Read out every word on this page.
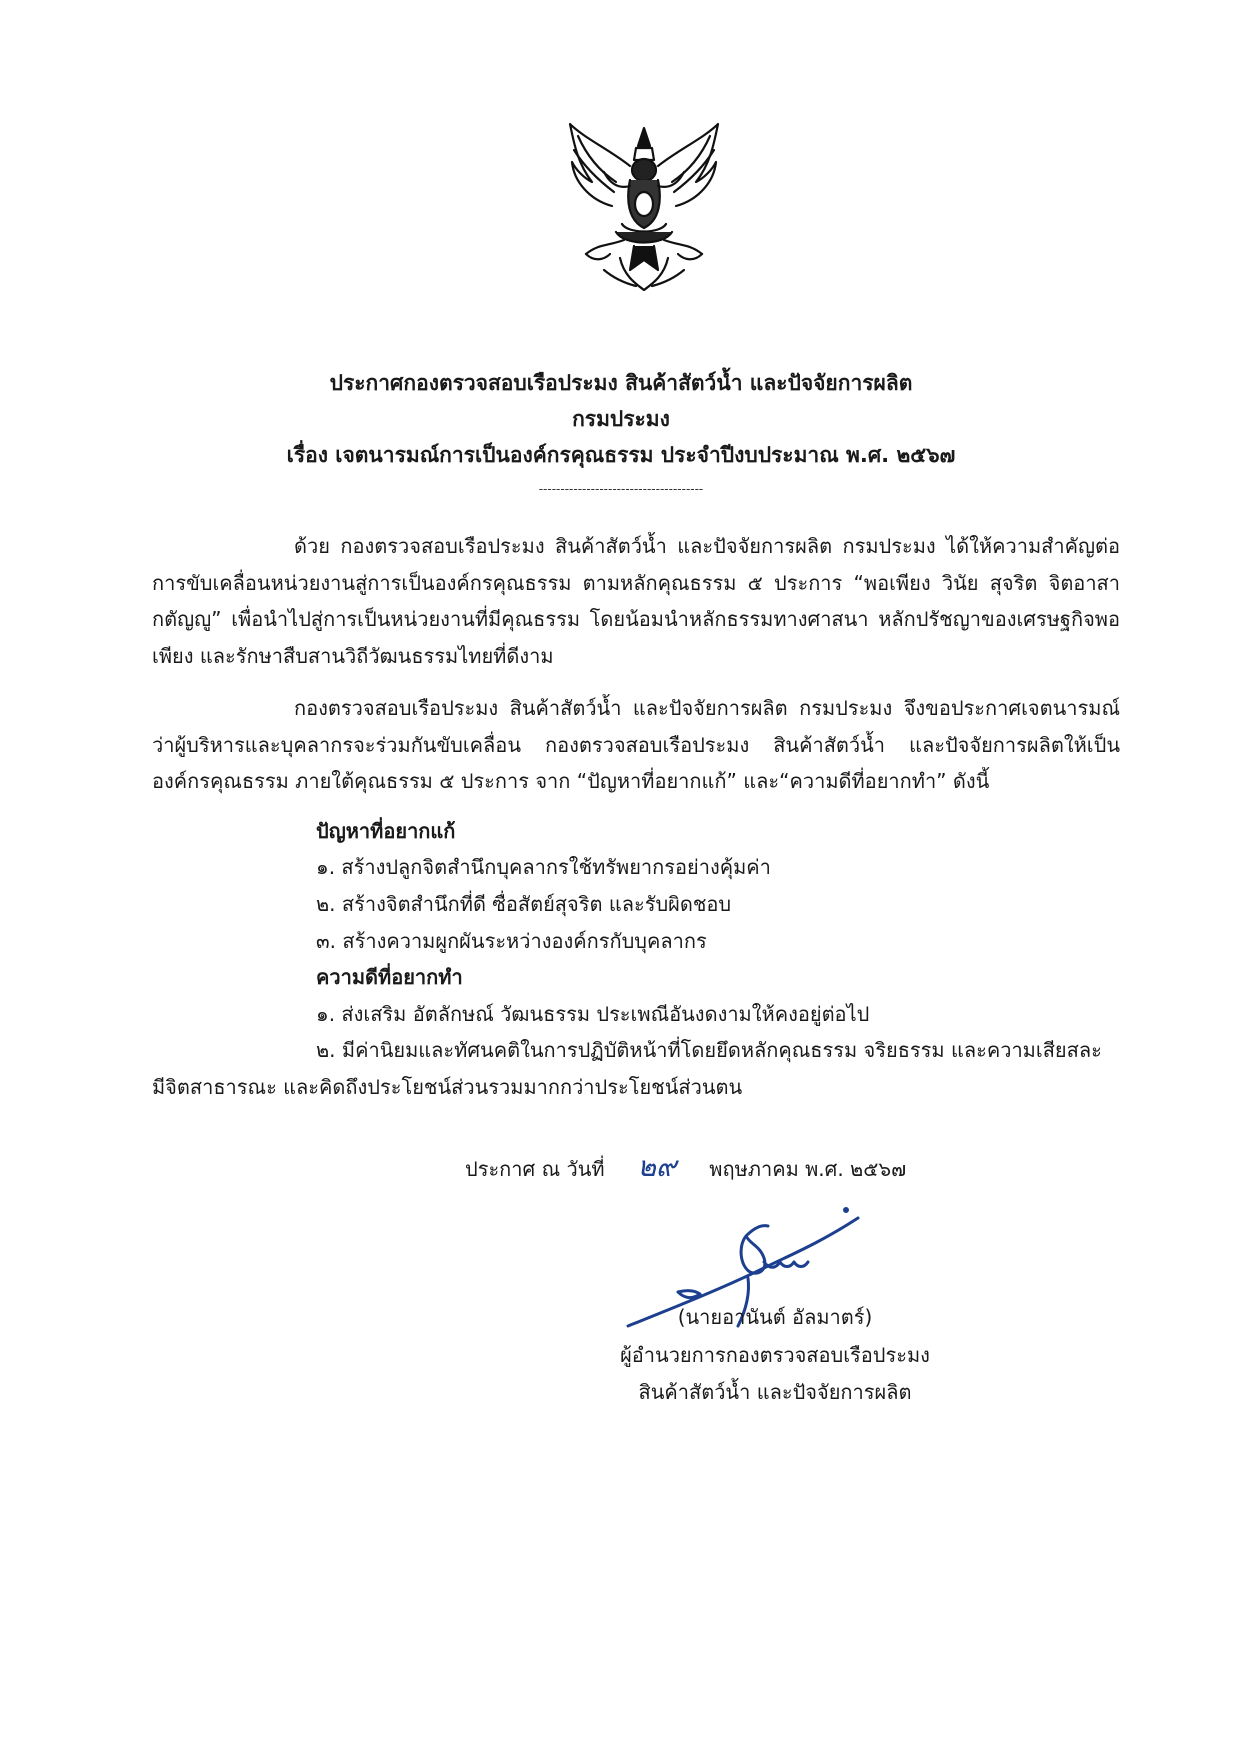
ประกาศกองตรวจสอบเรือประมง สินค้าสัตว์น้ำ และปัจจัยการผลิต
กรมประมง
เรื่อง เจตนารมณ์การเป็นองค์กรคุณธรรม ประจำปีงบประมาณ พ.ศ. ๒๕๖๗
--------------------------------------
ด้วย กองตรวจสอบเรือประมง สินค้าสัตว์น้ำ และปัจจัยการผลิต กรมประมง ได้ให้ความสำคัญต่อการขับเคลื่อนหน่วยงานสู่การเป็นองค์กรคุณธรรม ตามหลักคุณธรรม ๕ ประการ “พอเพียง วินัย สุจริต จิตอาสา กตัญญู” เพื่อนำไปสู่การเป็นหน่วยงานที่มีคุณธรรม โดยน้อมนำหลักธรรมทางศาสนา หลักปรัชญาของเศรษฐกิจพอเพียง และรักษาสืบสานวิถีวัฒนธรรมไทยที่ดีงาม
กองตรวจสอบเรือประมง สินค้าสัตว์น้ำ และปัจจัยการผลิต กรมประมง จึงขอประกาศเจตนารมณ์ว่าผู้บริหารและบุคลากรจะร่วมกันขับเคลื่อน กองตรวจสอบเรือประมง สินค้าสัตว์น้ำ และปัจจัยการผลิตให้เป็นองค์กรคุณธรรม ภายใต้คุณธรรม ๕ ประการ จาก “ปัญหาที่อยากแก้” และ“ความดีที่อยากทำ” ดังนี้
ปัญหาที่อยากแก้
๑. สร้างปลูกจิตสำนึกบุคลากรใช้ทรัพยากรอย่างคุ้มค่า
๒. สร้างจิตสำนึกที่ดี ซื่อสัตย์สุจริต และรับผิดชอบ
๓. สร้างความผูกผันระหว่างองค์กรกับบุคลากร
ความดีที่อยากทำ
๑. ส่งเสริม อัตลักษณ์ วัฒนธรรม ประเพณีอันงดงามให้คงอยู่ต่อไป
๒. มีค่านิยมและทัศนคติในการปฏิบัติหน้าที่โดยยึดหลักคุณธรรม จริยธรรม และความเสียสละ
มีจิตสาธารณะ และคิดถึงประโยชน์ส่วนรวมมากกว่าประโยชน์ส่วนตน
ประกาศ ณ วันที่ ๒๙ พฤษภาคม พ.ศ. ๒๕๖๗
(นายอานันต์ อัลมาตร์)
ผู้อำนวยการกองตรวจสอบเรือประมง
สินค้าสัตว์น้ำ และปัจจัยการผลิต
